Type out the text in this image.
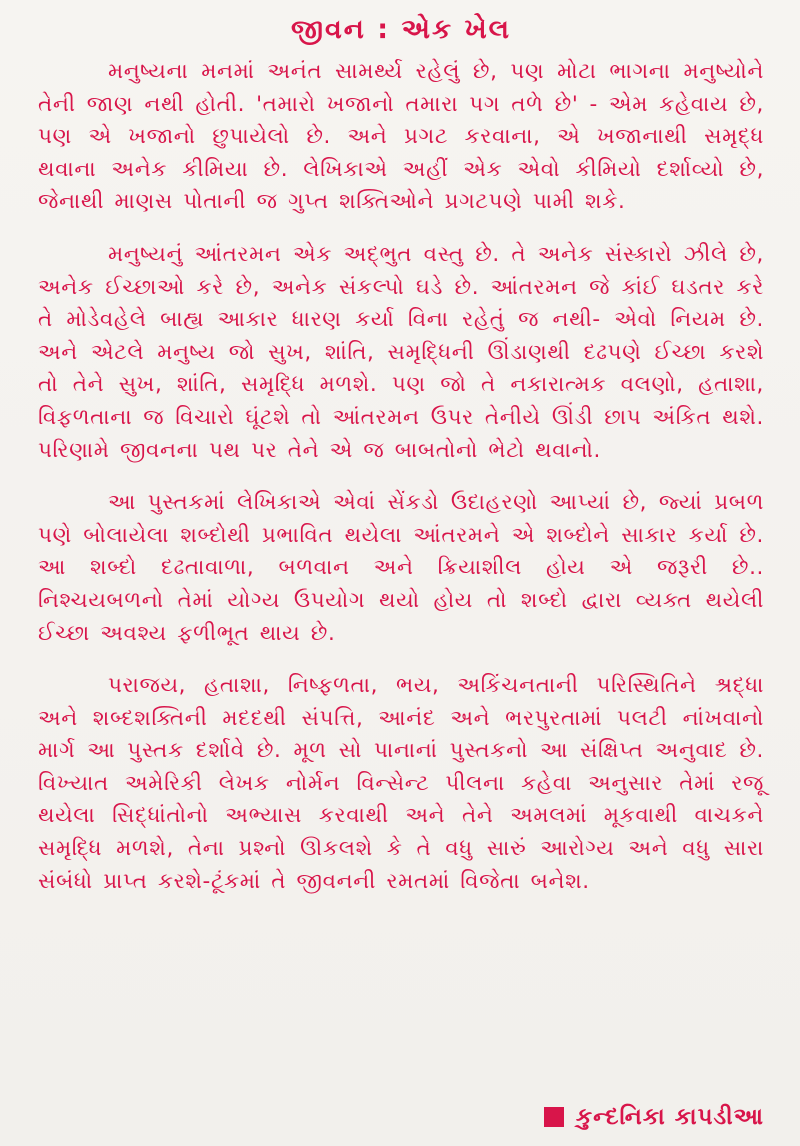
જીવન : એક ખેલ

મનુષ્યના મનમાં અનંત સામર્થ્ય રહેલું છે, પણ મોટા ભાગના મનુષ્યોને તેની જાણ નથી હોતી. 'તમારો ખજાનો તમારા પગ તળે છે' - એમ કહેવાય છે, પણ એ ખજાનો છુપાયેલો છે. અને પ્રગટ કરવાના, એ ખજાનાથી સમૃદ્ધ થવાના અનેક કીમિયા છે. લેખિકાએ અહીં એક એવો કીમિયો દર્શાવ્યો છે, જેનાથી માણસ પોતાની જ ગુપ્ત શક્તિઓને પ્રગટપણે પામી શકે.

મનુષ્યનું આંતરમન એક અદ્ભુત વસ્તુ છે. તે અનેક સંસ્કારો ઝીલે છે, અનેક ઈચ્છાઓ કરે છે, અનેક સંકલ્પો ઘડે છે. આંતરમન જે કાંઈ ઘડતર કરે તે મોડેવહેલે બાહ્ય આકાર ધારણ કર્યા વિના રહેતું જ નથી- એવો નિયમ છે. અને એટલે મનુષ્ય જો સુખ, શાંતિ, સમૃદ્ધિની ઊંડાણથી દઢપણે ઈચ્છા કરશે તો તેને સુખ, શાંતિ, સમૃદ્ધિ મળશે. પણ જો તે નકારાત્મક વલણો, હતાશા, વિફળતાના જ વિચારો ઘૂંટશે તો આંતરમન ઉપર તેનીયે ઊંડી છાપ અંકિત થશે. પરિણામે જીવનના પથ પર તેને એ જ બાબતોનો ભેટો થવાનો.

આ પુસ્તકમાં લેખિકાએ એવાં સેંકડો ઉદાહરણો આપ્યાં છે, જ્યાં પ્રબળ પણે બોલાયેલા શબ્દોથી પ્રભાવિત થયેલા આંતરમને એ શબ્દોને સાકાર કર્યા છે. આ શબ્દો દઢતાવાળા, બળવાન અને ક્રિયાશીલ હોય એ જરૂરી છે.. નિશ્ચયબળનો તેમાં યોગ્ય ઉપયોગ થયો હોય તો શબ્દો દ્વારા વ્યક્ત થયેલી ઈચ્છા અવશ્ય ફળીભૂત થાય છે.

પરાજય, હતાશા, નિષ્ફળતા, ભય, અકિંચનતાની પરિસ્થિતિને શ્રદ્ધા અને શબ્દશક્તિની મદદથી સંપત્તિ, આનંદ અને ભરપુરતામાં પલટી નાંખવાનો માર્ગ આ પુસ્તક દર્શાવે છે. મૂળ સો પાનાનાં પુસ્તકનો આ સંક્ષિપ્ત અનુવાદ છે. વિખ્યાત અમેરિકી લેખક નોર્મન વિન્સેન્ટ પીલના કહેવા અનુસાર તેમાં રજૂ થયેલા સિદ્ધાંતોનો અભ્યાસ કરવાથી અને તેને અમલમાં મૂકવાથી વાચકને સમૃદ્ધિ મળશે, તેના પ્રશ્નો ઊકલશે કે તે વધુ સારું આરોગ્ય અને વધુ સારા સંબંધો પ્રાપ્ત કરશે-ટૂંકમાં તે જીવનની રમતમાં વિજેતા બનેશ.

કુન્દનિકા કાપડીઆ
